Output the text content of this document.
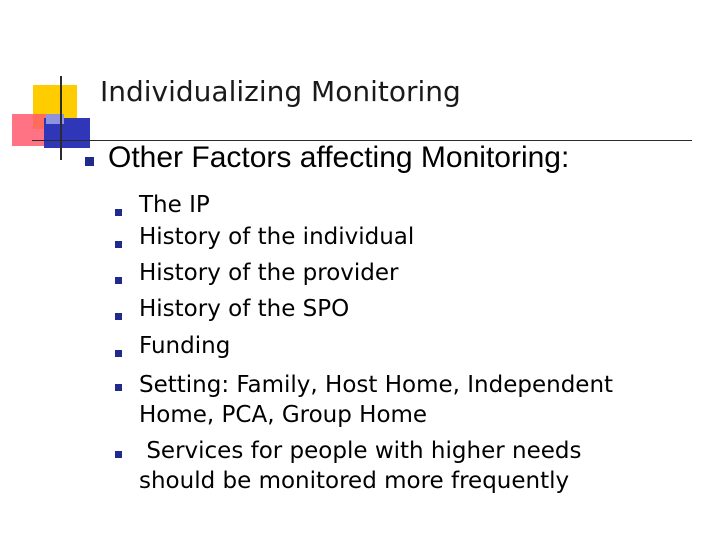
Individualizing Monitoring
Other Factors affecting Monitoring:
The IP
History of the individual
History of the provider
History of the SPO
Funding
Setting: Family, Host Home, Independent
Home, PCA, Group Home
Services for people with higher needs
should be monitored more frequently
